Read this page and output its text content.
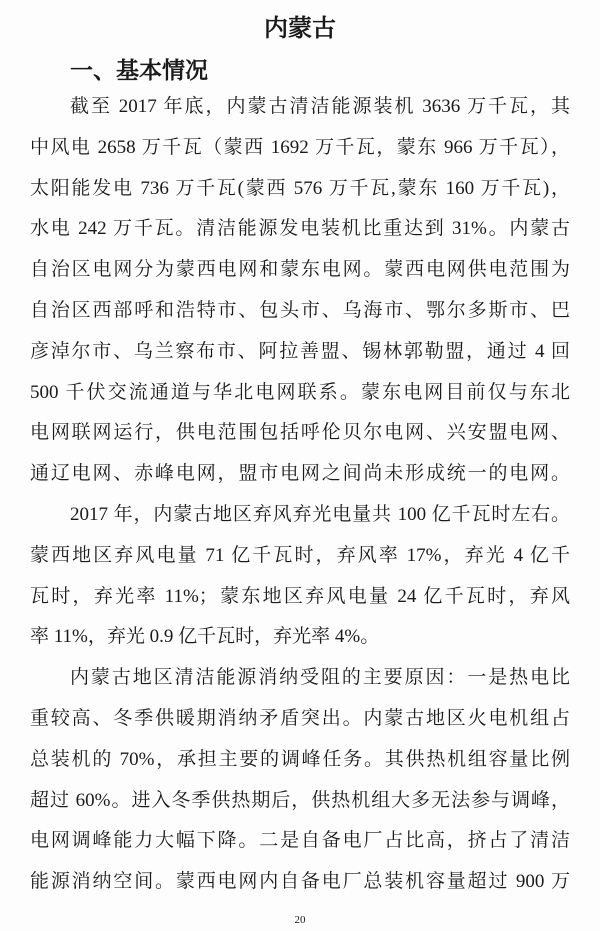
内蒙古
一、基本情况
截至 2017 年底，内蒙古清洁能源装机 3636 万千瓦，其
中风电 2658 万千瓦（蒙西 1692 万千瓦，蒙东 966 万千瓦），
太阳能发电 736 万千瓦(蒙西 576 万千瓦,蒙东 160 万千瓦)，
水电 242 万千瓦。清洁能源发电装机比重达到 31%。内蒙古
自治区电网分为蒙西电网和蒙东电网。蒙西电网供电范围为
自治区西部呼和浩特市、包头市、乌海市、鄂尔多斯市、巴
彦淖尔市、乌兰察布市、阿拉善盟、锡林郭勒盟，通过 4 回
500 千伏交流通道与华北电网联系。蒙东电网目前仅与东北
电网联网运行，供电范围包括呼伦贝尔电网、兴安盟电网、
通辽电网、赤峰电网，盟市电网之间尚未形成统一的电网。
2017 年，内蒙古地区弃风弃光电量共 100 亿千瓦时左右。
蒙西地区弃风电量 71 亿千瓦时，弃风率 17%，弃光 4 亿千
瓦时，弃光率 11%；蒙东地区弃风电量 24 亿千瓦时，弃风
率 11%，弃光 0.9 亿千瓦时，弃光率 4%。
内蒙古地区清洁能源消纳受阻的主要原因：一是热电比
重较高、冬季供暖期消纳矛盾突出。内蒙古地区火电机组占
总装机的 70%，承担主要的调峰任务。其供热机组容量比例
超过 60%。进入冬季供热期后，供热机组大多无法参与调峰，
电网调峰能力大幅下降。二是自备电厂占比高，挤占了清洁
能源消纳空间。蒙西电网内自备电厂总装机容量超过 900 万
20
